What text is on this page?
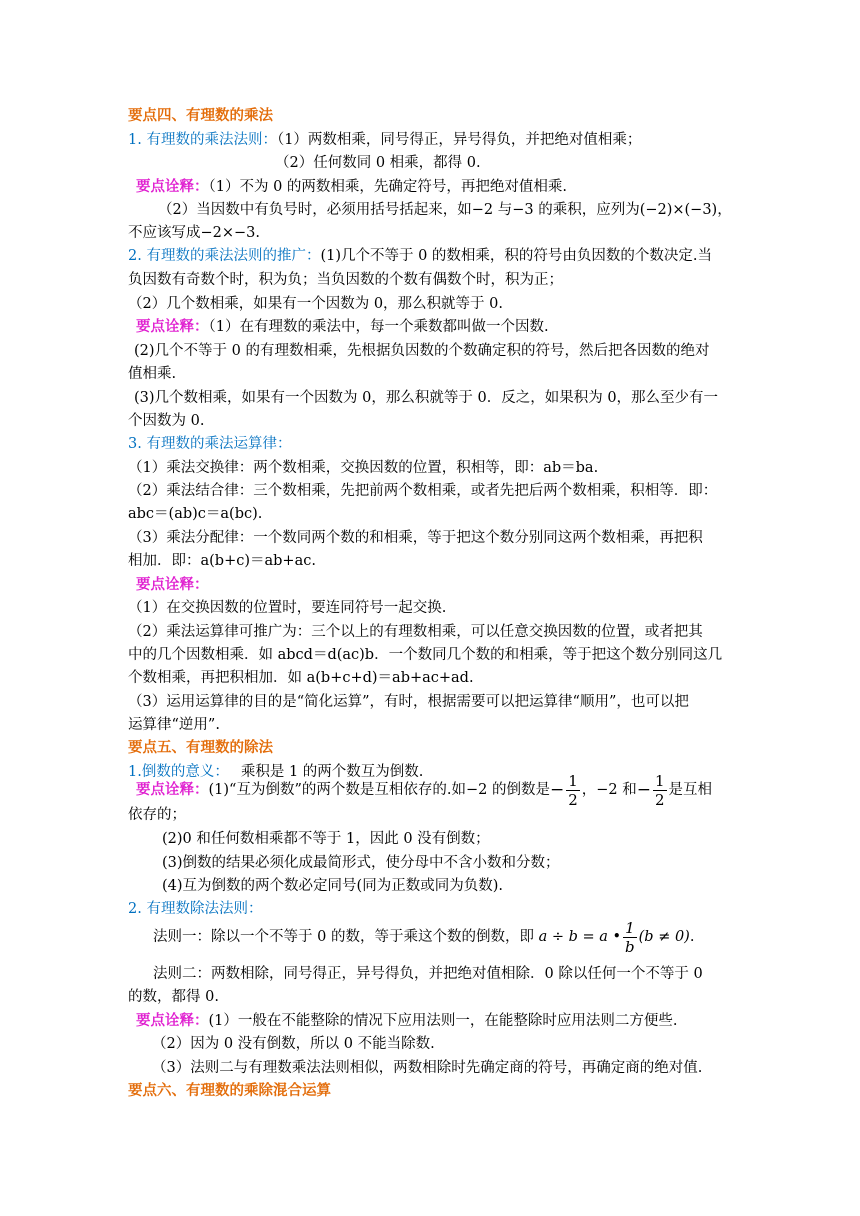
要点四、有理数的乘法
1. 有理数的乘法法则：（1）两数相乘，同号得正，异号得负，并把绝对值相乘；
（2）任何数同 0 相乘，都得 0.
要点诠释：（1）不为 0 的两数相乘，先确定符号，再把绝对值相乘.
（2）当因数中有负号时，必须用括号括起来，如−2 与−3 的乘积，应列为(−2)×(−3)，
不应该写成−2×−3.
2. 有理数的乘法法则的推广：(1)几个不等于 0 的数相乘，积的符号由负因数的个数决定.当
负因数有奇数个时，积为负；当负因数的个数有偶数个时，积为正；
（2）几个数相乘，如果有一个因数为 0，那么积就等于 0.
要点诠释：（1）在有理数的乘法中，每一个乘数都叫做一个因数.
(2)几个不等于 0 的有理数相乘，先根据负因数的个数确定积的符号，然后把各因数的绝对
值相乘.
(3)几个数相乘，如果有一个因数为 0，那么积就等于 0．反之，如果积为 0，那么至少有一
个因数为 0.
3. 有理数的乘法运算律：
（1）乘法交换律：两个数相乘，交换因数的位置，积相等，即：ab＝ba.
（2）乘法结合律：三个数相乘，先把前两个数相乘，或者先把后两个数相乘，积相等．即：
abc＝(ab)c＝a(bc).
（3）乘法分配律：一个数同两个数的和相乘，等于把这个数分别同这两个数相乘，再把积
相加．即：a(b+c)＝ab+ac.
要点诠释：
（1）在交换因数的位置时，要连同符号一起交换.
（2）乘法运算律可推广为：三个以上的有理数相乘，可以任意交换因数的位置，或者把其
中的几个因数相乘．如 abcd＝d(ac)b．一个数同几个数的和相乘，等于把这个数分别同这几
个数相乘，再把积相加．如 a(b+c+d)＝ab+ac+ad.
（3）运用运算律的目的是“简化运算”，有时，根据需要可以把运算律“顺用”，也可以把
运算律“逆用”.
要点五、有理数的除法
1.倒数的意义： 乘积是 1 的两个数互为倒数.
要点诠释：(1)“互为倒数”的两个数是互相依存的.如−2 的倒数是− $\frac{1}{2}$ ，−2 和− $\frac{1}{2}$ 是互相
依存的；
(2)0 和任何数相乘都不等于 1，因此 0 没有倒数；
(3)倒数的结果必须化成最简形式，使分母中不含小数和分数；
(4)互为倒数的两个数必定同号(同为正数或同为负数).
2. 有理数除法法则：
法则一：除以一个不等于 0 的数，等于乘这个数的倒数，即 a ÷ b = a • $\frac{1}{b} (b \ne 0)$.
法则二：两数相除，同号得正，异号得负，并把绝对值相除．0 除以任何一个不等于 0
的数，都得 0.
要点诠释：(1）一般在不能整除的情况下应用法则一，在能整除时应用法则二方便些.
（2）因为 0 没有倒数，所以 0 不能当除数.
（3）法则二与有理数乘法法则相似，两数相除时先确定商的符号，再确定商的绝对值.
要点六、有理数的乘除混合运算
